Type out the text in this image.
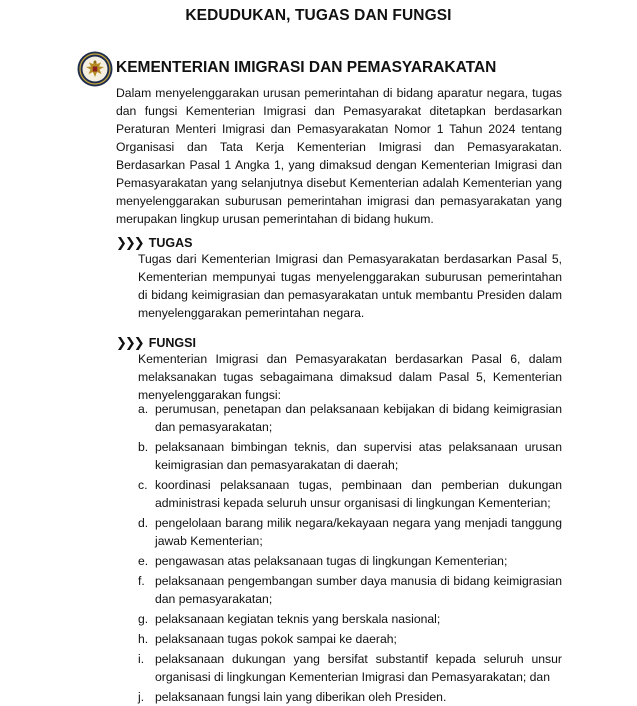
KEDUDUKAN, TUGAS DAN FUNGSI
KEMENTERIAN IMIGRASI DAN PEMASYARAKATAN
Dalam menyelenggarakan urusan pemerintahan di bidang aparatur negara, tugas dan fungsi Kementerian Imigrasi dan Pemasyarakat ditetapkan berdasarkan Peraturan Menteri Imigrasi dan Pemasyarakatan Nomor 1 Tahun 2024 tentang Organisasi dan Tata Kerja Kementerian Imigrasi dan Pemasyarakatan. Berdasarkan Pasal 1 Angka 1, yang dimaksud dengan Kementerian Imigrasi dan Pemasyarakatan yang selanjutnya disebut Kementerian adalah Kementerian yang menyelenggarakan suburusan pemerintahan imigrasi dan pemasyarakatan yang merupakan lingkup urusan pemerintahan di bidang hukum.
❯❯❯ TUGAS
Tugas dari Kementerian Imigrasi dan Pemasyarakatan berdasarkan Pasal 5, Kementerian mempunyai tugas menyelenggarakan suburusan pemerintahan di bidang keimigrasian dan pemasyarakatan untuk membantu Presiden dalam menyelenggarakan pemerintahan negara.
❯❯❯ FUNGSI
Kementerian Imigrasi dan Pemasyarakatan berdasarkan Pasal 6, dalam melaksanakan tugas sebagaimana dimaksud dalam Pasal 5, Kementerian menyelenggarakan fungsi:
a. perumusan, penetapan dan pelaksanaan kebijakan di bidang keimigrasian dan pemasyarakatan;
b. pelaksanaan bimbingan teknis, dan supervisi atas pelaksanaan urusan keimigrasian dan pemasyarakatan di daerah;
c. koordinasi pelaksanaan tugas, pembinaan dan pemberian dukungan administrasi kepada seluruh unsur organisasi di lingkungan Kementerian;
d. pengelolaan barang milik negara/kekayaan negara yang menjadi tanggung jawab Kementerian;
e. pengawasan atas pelaksanaan tugas di lingkungan Kementerian;
f. pelaksanaan pengembangan sumber daya manusia di bidang keimigrasian dan pemasyarakatan;
g. pelaksanaan kegiatan teknis yang berskala nasional;
h. pelaksanaan tugas pokok sampai ke daerah;
i. pelaksanaan dukungan yang bersifat substantif kepada seluruh unsur organisasi di lingkungan Kementerian Imigrasi dan Pemasyarakatan; dan
j. pelaksanaan fungsi lain yang diberikan oleh Presiden.
